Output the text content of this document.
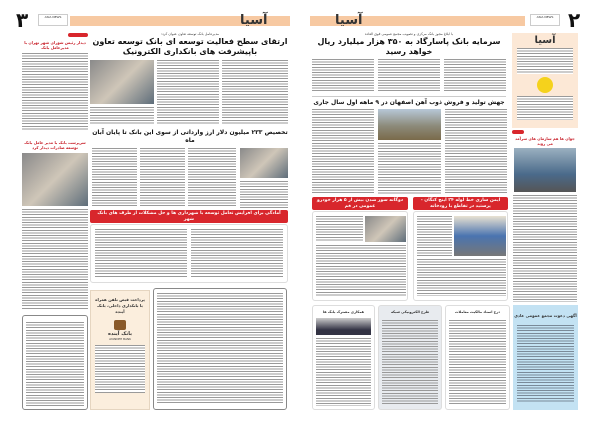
۳	ASIA NEWS	آسیا
مدیرعامل بانک توسعه تعاون عنوان کرد:
ارتقای سطح فعالیت توسعه ای بانک توسعه تعاون
باپیشرفت های بانکداری الکترونیک
تخصیص ۲۳۳ میلیون دلار ارز وارداتی از سوی این بانک تا پایان آبان ماه
آمادگی برای افزایش تعامل ثوسعه با شهرداری ها و حل مشکلات از طرف های بانک شهر
دیدار رئیس شورای شهر تهران با مدیرعامل بانک
سرپرست بانک با مدیر عامل بانک توسعه صادرات دیدار کرد
پرداخت قبض تلفن همراه با بانکداری داخلی، بانک آینده
بانک آینده
AYANDEH BANK
۲
ASIA NEWS
آسیا
آسیا
با ابلاغ مجوز بانک مرکزی و تصویب مجمع عمومی فوق العاده
سرمایه بانک پاسارگاد به ۳۵۰ هزار میلیارد ریال خواهد رسید
جهش تولید و فروش ذوب آهن اصفهان در ۹ ماهه اول سال جاری
جوان ها هم سازمان های سرآمد می روند
ایمن سازی خط لوله ۲۴ اینچ کنگان - پرستید در تقاطع با رودخانه
دوگانه سوز شدن بیش از ۵ هزار خودرو عمومی در قم
درج اسناد مالکیت معاملات
طرح الکترونیکی شبکه
همکاری مشترک بانک ها
آگهی دعوت مجمع عمومی عادی
